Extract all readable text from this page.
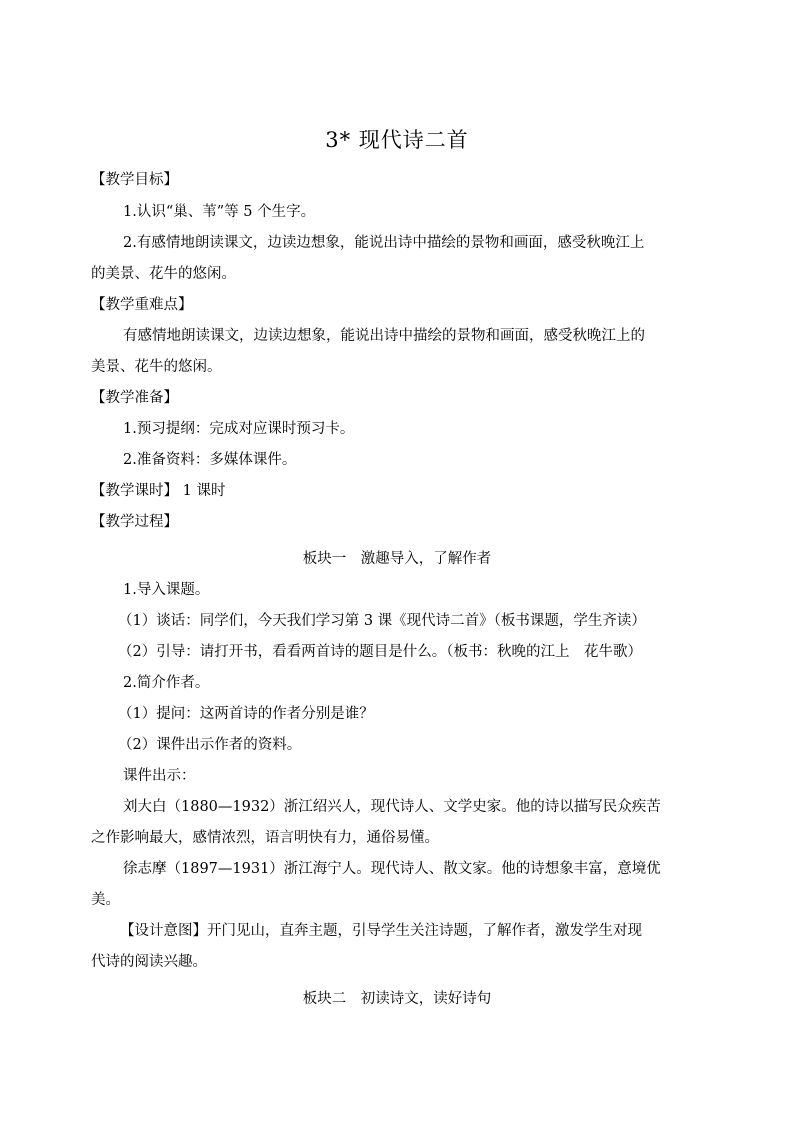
3* 现代诗二首
【教学目标】
1.认识“巢、苇”等 5 个生字。
2.有感情地朗读课文，边读边想象，能说出诗中描绘的景物和画面，感受秋晚江上
的美景、花牛的悠闲。
【教学重难点】
有感情地朗读课文，边读边想象，能说出诗中描绘的景物和画面，感受秋晚江上的
美景、花牛的悠闲。
【教学准备】
1.预习提纲：完成对应课时预习卡。
2.准备资料：多媒体课件。
【教学课时】 1 课时
【教学过程】
板块一　激趣导入，了解作者
1.导入课题。
（1）谈话：同学们，今天我们学习第 3 课《现代诗二首》（板书课题，学生齐读）
（2）引导：请打开书，看看两首诗的题目是什么。（板书：秋晚的江上　花牛歌）
2.简介作者。
（1）提问：这两首诗的作者分别是谁？
（2）课件出示作者的资料。
课件出示：
刘大白（1880—1932）浙江绍兴人，现代诗人、文学史家。他的诗以描写民众疾苦
之作影响最大，感情浓烈，语言明快有力，通俗易懂。
徐志摩（1897—1931）浙江海宁人。现代诗人、散文家。他的诗想象丰富，意境优
美。
【设计意图】开门见山，直奔主题，引导学生关注诗题，了解作者，激发学生对现
代诗的阅读兴趣。
板块二　初读诗文，读好诗句
